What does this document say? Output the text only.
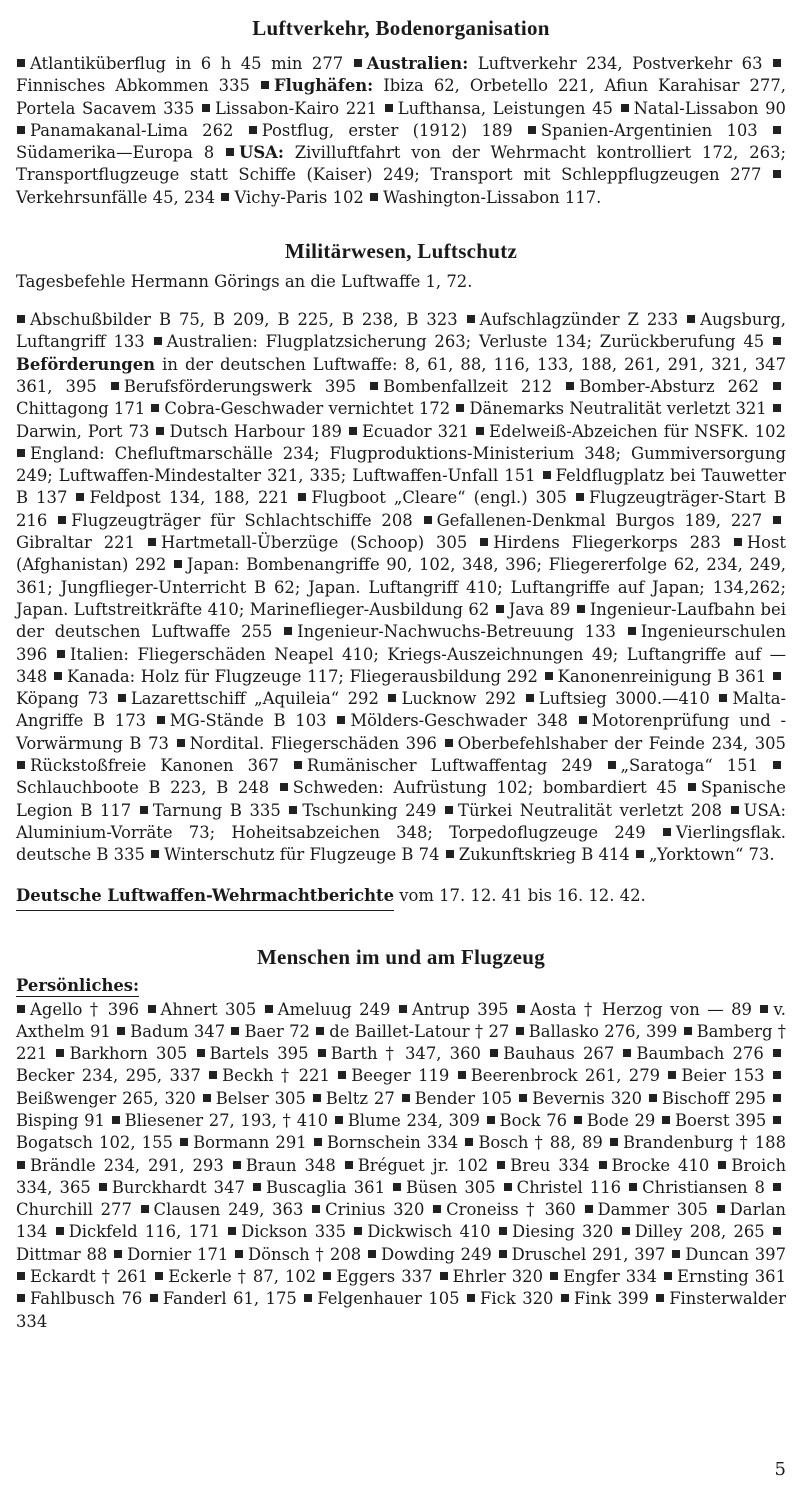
Luftverkehr, Bodenorganisation

Atlantiküberflug in 6 h 45 min 277 Australien: Luftverkehr 234, Postverkehr 63 Finnisches Abkommen 335 Flughäfen: Ibiza 62, Orbetello 221, Afiun Karahisar 277, Portela Sacavem 335 Lissabon-Kairo 221 Lufthansa, Leistungen 45 Natal-Lissabon 90 Panamakanal-Lima 262 Postflug, erster (1912) 189 Spanien-Argentinien 103 Südamerika—Europa 8 USA: Zivilluftfahrt von der Wehrmacht kontrolliert 172, 263; Transportflugzeuge statt Schiffe (Kaiser) 249; Transport mit Schleppflugzeugen 277 Verkehrsunfälle 45, 234 Vichy-Paris 102 Washington-Lissabon 117.

Militärwesen, Luftschutz

Tagesbefehle Hermann Görings an die Luftwaffe 1, 72.

Abschußbilder B 75, B 209, B 225, B 238, B 323 Aufschlagzünder Z 233 Augsburg, Luftangriff 133 Australien: Flugplatzsicherung 263; Verluste 134; Zurückberufung 45 Beförderungen in der deutschen Luftwaffe: 8, 61, 88, 116, 133, 188, 261, 291, 321, 347 361, 395 Berufsförderungswerk 395 Bombenfallzeit 212 Bomber-Absturz 262 Chittagong 171 Cobra-Geschwader vernichtet 172 Dänemarks Neutralität verletzt 321 Darwin, Port 73 Dutsch Harbour 189 Ecuador 321 Edelweiß-Abzeichen für NSFK. 102 England: Chefluftmarschälle 234; Flugproduktions-Ministerium 348; Gummiversorgung 249; Luftwaffen-Mindestalter 321, 335; Luftwaffen-Unfall 151 Feldflugplatz bei Tauwetter B 137 Feldpost 134, 188, 221 Flugboot „Cleare“ (engl.) 305 Flugzeugträger-Start B 216 Flugzeugträger für Schlachtschiffe 208 Gefallenen-Denkmal Burgos 189, 227 Gibraltar 221 Hartmetall-Überzüge (Schoop) 305 Hirdens Fliegerkorps 283 Host (Afghanistan) 292 Japan: Bombenangriffe 90, 102, 348, 396; Fliegererfolge 62, 234, 249, 361; Jungflieger-Unterricht B 62; Japan. Luftangriff 410; Luftangriffe auf Japan; 134,262; Japan. Luftstreitkräfte 410; Marineflieger-Ausbildung 62 Java 89 Ingenieur-Laufbahn bei der deutschen Luftwaffe 255 Ingenieur-Nachwuchs-Betreuung 133 Ingenieurschulen 396 Italien: Fliegerschäden Neapel 410; Kriegs-Auszeichnungen 49; Luftangriffe auf — 348 Kanada: Holz für Flugzeuge 117; Fliegerausbildung 292 Kanonenreinigung B 361 Köpang 73 Lazarettschiff „Aquileia“ 292 Lucknow 292 Luftsieg 3000.—410 Malta-Angriffe B 173 MG-Stände B 103 Mölders-Geschwader 348 Motorenprüfung und -Vorwärmung B 73 Nordital. Fliegerschäden 396 Oberbefehlshaber der Feinde 234, 305 Rückstoßfreie Kanonen 367 Rumänischer Luftwaffentag 249 „Saratoga“ 151 Schlauchboote B 223, B 248 Schweden: Aufrüstung 102; bombardiert 45 Spanische Legion B 117 Tarnung B 335 Tschunking 249 Türkei Neutralität verletzt 208 USA: Aluminium-Vorräte 73; Hoheitsabzeichen 348; Torpedoflugzeuge 249 Vierlingsflak. deutsche B 335 Winterschutz für Flugzeuge B 74 Zukunftskrieg B 414 „Yorktown“ 73.

Deutsche Luftwaffen-Wehrmachtberichte vom 17. 12. 41 bis 16. 12. 42.

Menschen im und am Flugzeug
Persönliches:

Agello † 396 Ahnert 305 Ameluug 249 Antrup 395 Aosta † Herzog von — 89 v. Axthelm 91 Badum 347 Baer 72 de Baillet-Latour † 27 Ballasko 276, 399 Bamberg † 221 Barkhorn 305 Bartels 395 Barth † 347, 360 Bauhaus 267 Baumbach 276 Becker 234, 295, 337 Beckh † 221 Beeger 119 Beerenbrock 261, 279 Beier 153 Beißwenger 265, 320 Belser 305 Beltz 27 Bender 105 Bevernis 320 Bischoff 295 Bisping 91 Bliesener 27, 193, † 410 Blume 234, 309 Bock 76 Bode 29 Boerst 395 Bogatsch 102, 155 Bormann 291 Bornschein 334 Bosch † 88, 89 Brandenburg † 188 Brändle 234, 291, 293 Braun 348 Bréguet jr. 102 Breu 334 Brocke 410 Broich 334, 365 Burckhardt 347 Buscaglia 361 Büsen 305 Christel 116 Christiansen 8 Churchill 277 Clausen 249, 363 Crinius 320 Croneiss † 360 Dammer 305 Darlan 134 Dickfeld 116, 171 Dickson 335 Dickwisch 410 Diesing 320 Dilley 208, 265 Dittmar 88 Dornier 171 Dönsch † 208 Dowding 249 Druschel 291, 397 Duncan 397 Eckardt † 261 Eckerle † 87, 102 Eggers 337 Ehrler 320 Engfer 334 Ernsting 361 Fahlbusch 76 Fanderl 61, 175 Felgenhauer 105 Fick 320 Fink 399 Finsterwalder 334

5
